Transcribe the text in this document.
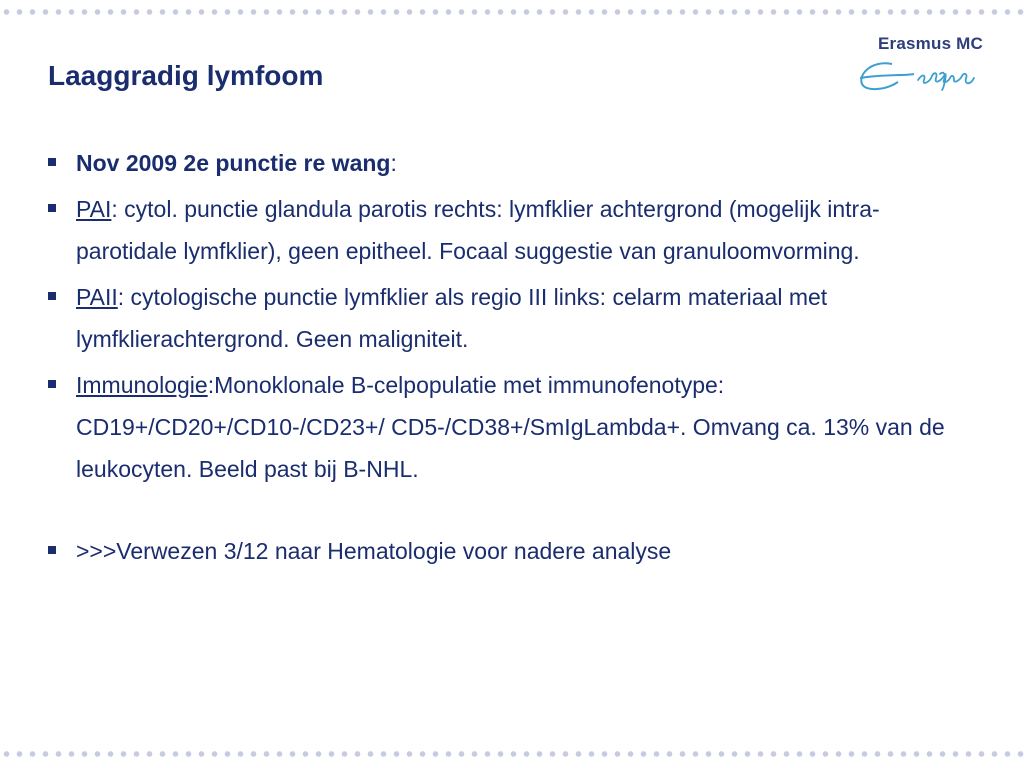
Laaggradig lymfoom
Erasmus MC
Nov 2009 2e punctie re wang:
PAI: cytol. punctie glandula parotis rechts: lymfklier achtergrond (mogelijk intra-parotidale lymfklier), geen epitheel. Focaal suggestie van granuloomvorming.
PAII: cytologische punctie lymfklier als regio III links: celarm materiaal met lymfklierachtergrond. Geen maligniteit.
Immunologie:Monoklonale B-celpopulatie met immunofenotype: CD19+/CD20+/CD10-/CD23+/ CD5-/CD38+/SmIgLambda+. Omvang ca. 13% van de leukocyten. Beeld past bij B-NHL.
>>>Verwezen 3/12 naar Hematologie voor nadere analyse
